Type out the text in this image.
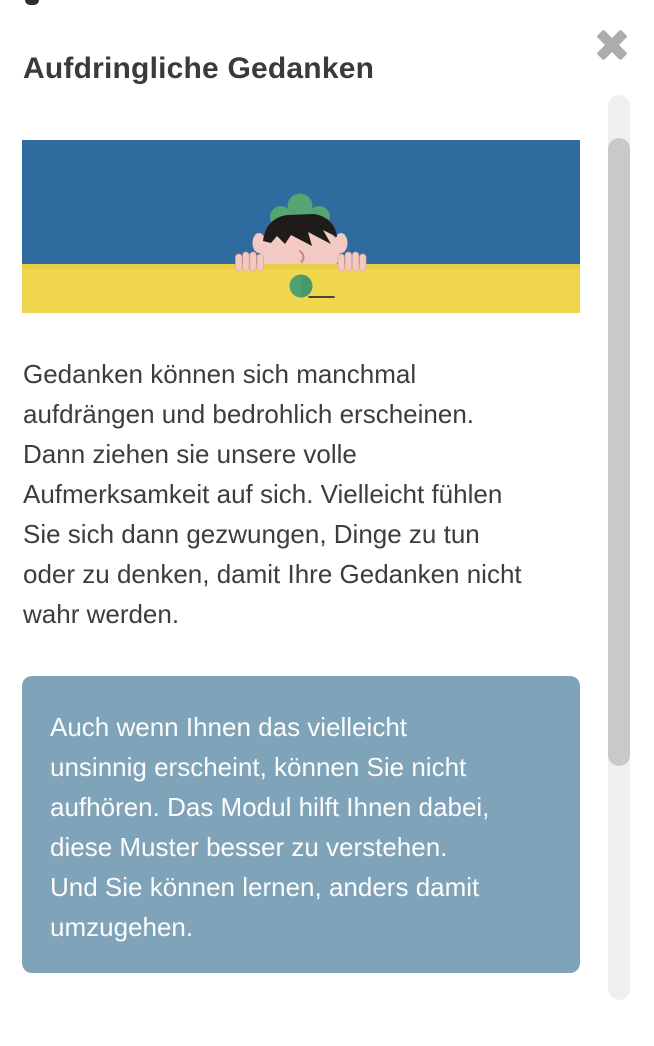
Aufdringliche Gedanken
Gedanken können sich manchmal
aufdrängen und bedrohlich erscheinen.
Dann ziehen sie unsere volle
Aufmerksamkeit auf sich. Vielleicht fühlen
Sie sich dann gezwungen, Dinge zu tun
oder zu denken, damit Ihre Gedanken nicht
wahr werden.
Auch wenn Ihnen das vielleicht
unsinnig erscheint, können Sie nicht
aufhören. Das Modul hilft Ihnen dabei,
diese Muster besser zu verstehen.
Und Sie können lernen, anders damit
umzugehen.
